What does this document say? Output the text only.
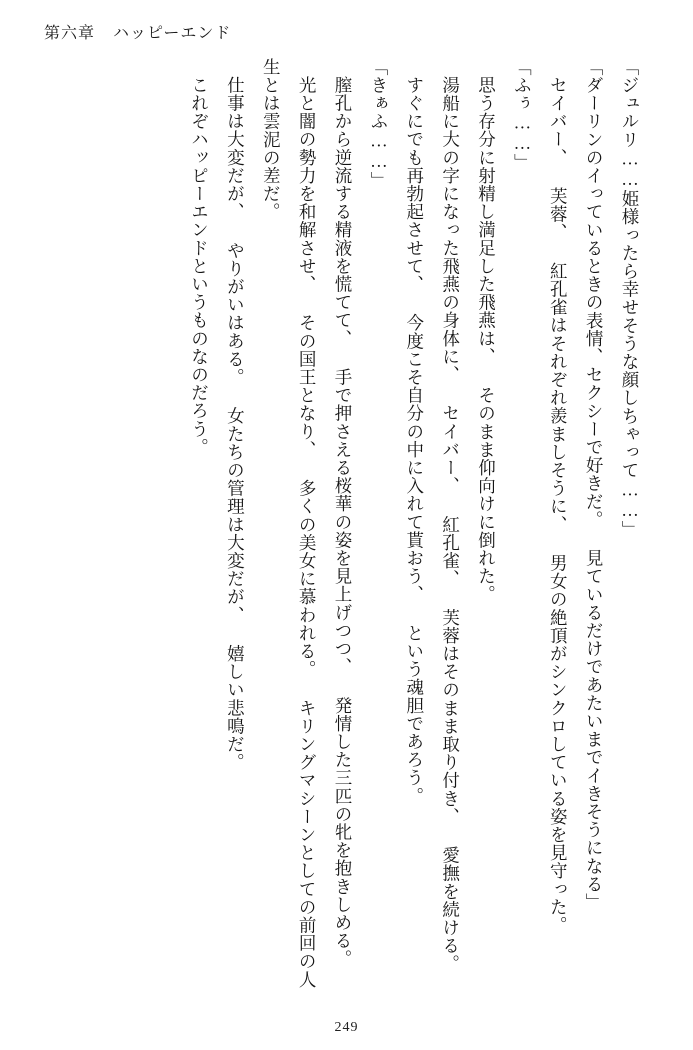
第六章 ハッピーエンド

「ジュルリ……姫様ったら幸せそうな顔しちゃって……」

「ダーリンのイっているときの表情、セクシーで好きだ。 見ているだけであたいまでイきそうになる」

セイバー、 芙蓉、 紅孔雀はそれぞれ羨ましそうに、 男女の絶頂がシンクロしている姿を見守った。

「ふぅ……」

思う存分に射精し満足した飛燕は、 そのまま仰向けに倒れた。

湯船に大の字になった飛燕の身体に、 セイバー、 紅孔雀、 芙蓉はそのまま取り付き、 愛撫を続ける。

すぐにでも再勃起させて、 今度こそ自分の中に入れて貰おう、 という魂胆であろう。

「きぁふ……」

膣孔から逆流する精液を慌てて、 手で押さえる桜華の姿を見上げつつ、 発情した三匹の牝を抱きしめる。

光と闇の勢力を和解させ、 その国王となり、 多くの美女に慕われる。 キリングマシーンとしての前回の人生とは雲泥の差だ。

仕事は大変だが、 やりがいはある。 女たちの管理は大変だが、 嬉しい悲鳴だ。

これぞハッピーエンドというものなのだろう。

249
